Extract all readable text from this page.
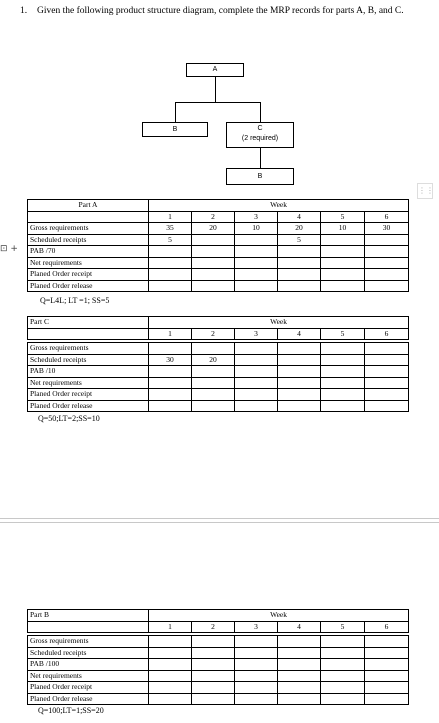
1. Given the following product structure diagram, complete the MRP records for parts A, B, and C.
A
B	C
(2 required)
B
⋮⋮
⊡ +
Part A	Week					
	1	2	3	4	5	6
Gross requirements	35	20	10	20	10	30
Scheduled receipts	5			5		
PAB /70						
Net requirements						
Planed Order receipt						
Planed Order release						
Q=L4L; LT =1; SS=5
Part C	Week					
	1	2	3	4	5	6

Gross requirements						
Scheduled receipts	30	20				
PAB /10						
Net requirements						
Planed Order receipt						
Planed Order release						
Q=50;LT=2;SS=10
Part B	Week					
	1	2	3	4	5	6

Gross requirements						
Scheduled receipts						
PAB /100						
Net requirements						
Planed Order receipt						
Planed Order release						
Q=100;LT=1;SS=20
